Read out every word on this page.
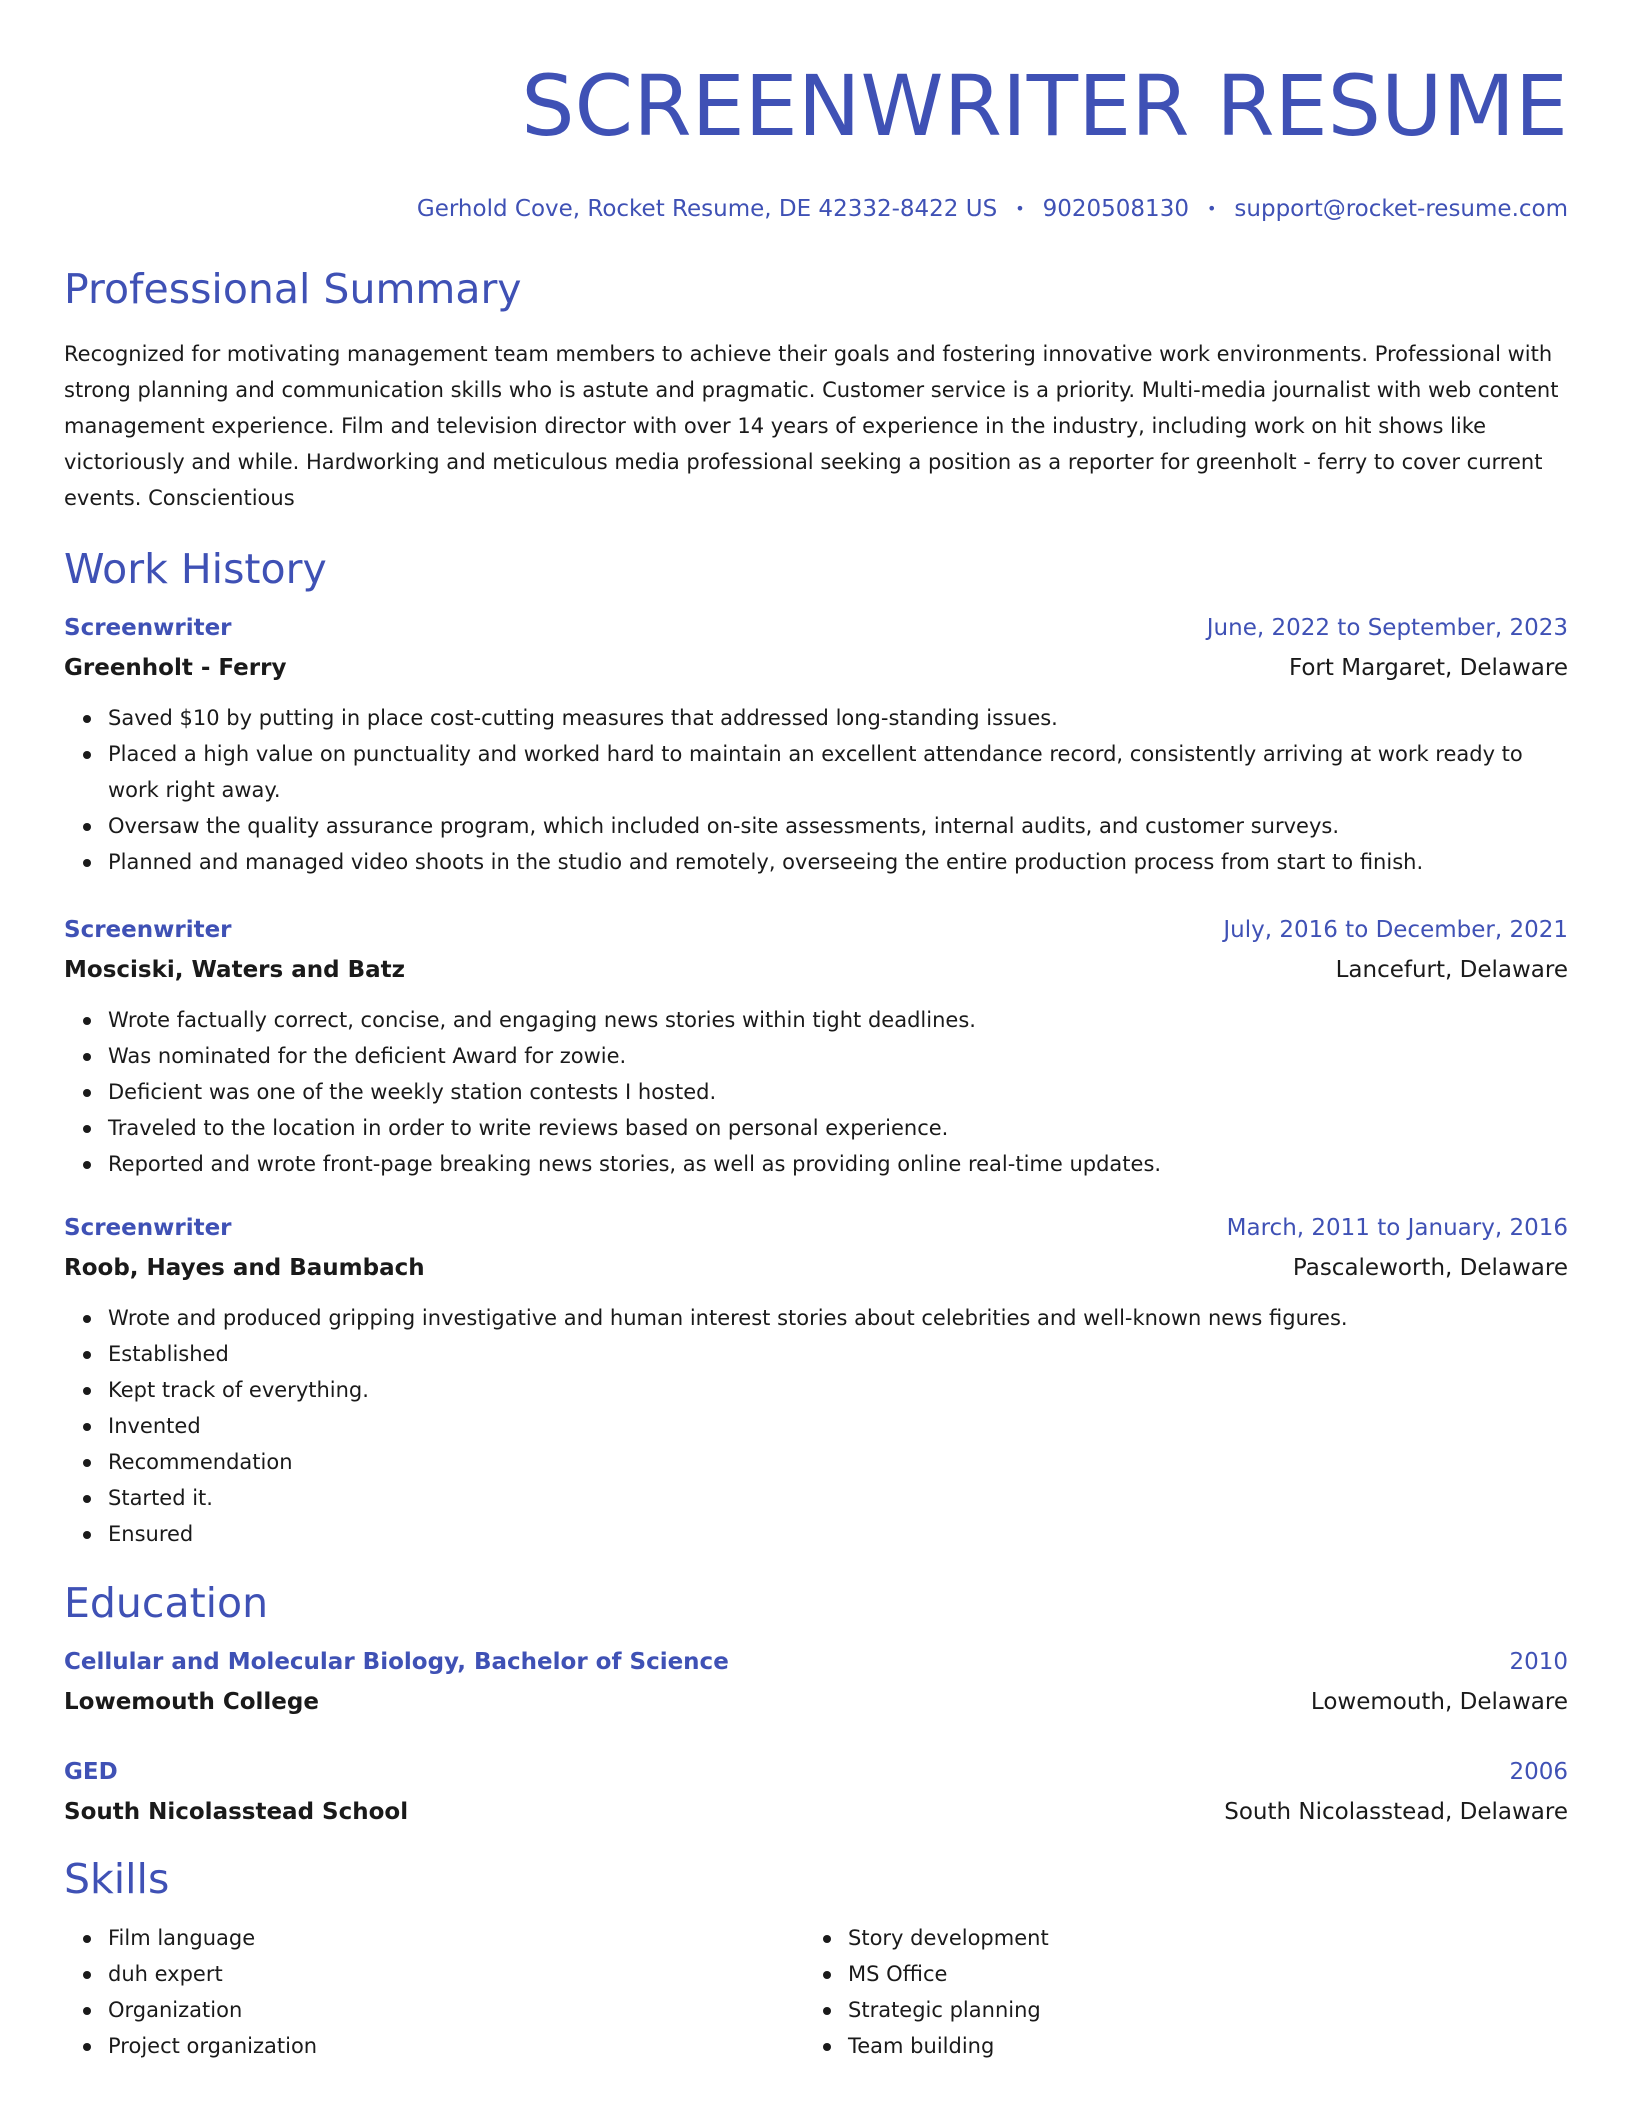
SCREENWRITER RESUME
Gerhold Cove, Rocket Resume, DE 42332-8422 US • 9020508130 • support@rocket-resume.com
Professional Summary

Recognized for motivating management team members to achieve their goals and fostering innovative work environments. Professional with strong planning and communication skills who is astute and pragmatic. Customer service is a priority. Multi-media journalist with web content management experience. Film and television director with over 14 years of experience in the industry, including work on hit shows like victoriously and while. Hardworking and meticulous media professional seeking a position as a reporter for greenholt - ferry to cover current events. Conscientious

Work History
Screenwriter	June, 2022 to September, 2023
Greenholt - Ferry	Fort Margaret, Delaware
Saved $10 by putting in place cost-cutting measures that addressed long-standing issues.
Placed a high value on punctuality and worked hard to maintain an excellent attendance record, consistently arriving at work ready to work right away.
Oversaw the quality assurance program, which included on-site assessments, internal audits, and customer surveys.
Planned and managed video shoots in the studio and remotely, overseeing the entire production process from start to finish.
Screenwriter	July, 2016 to December, 2021
Mosciski, Waters and Batz	Lancefurt, Delaware
Wrote factually correct, concise, and engaging news stories within tight deadlines.
Was nominated for the deficient Award for zowie.
Deficient was one of the weekly station contests I hosted.
Traveled to the location in order to write reviews based on personal experience.
Reported and wrote front-page breaking news stories, as well as providing online real-time updates.
Screenwriter	March, 2011 to January, 2016
Roob, Hayes and Baumbach	Pascaleworth, Delaware
Wrote and produced gripping investigative and human interest stories about celebrities and well-known news figures.
Established
Kept track of everything.
Invented
Recommendation
Started it.
Ensured
Education
Cellular and Molecular Biology, Bachelor of Science	2010
Lowemouth College	Lowemouth, Delaware
GED	2006
South Nicolasstead School	South Nicolasstead, Delaware
Skills
Film language
duh expert
Organization
Project organization
Story development
MS Office
Strategic planning
Team building
